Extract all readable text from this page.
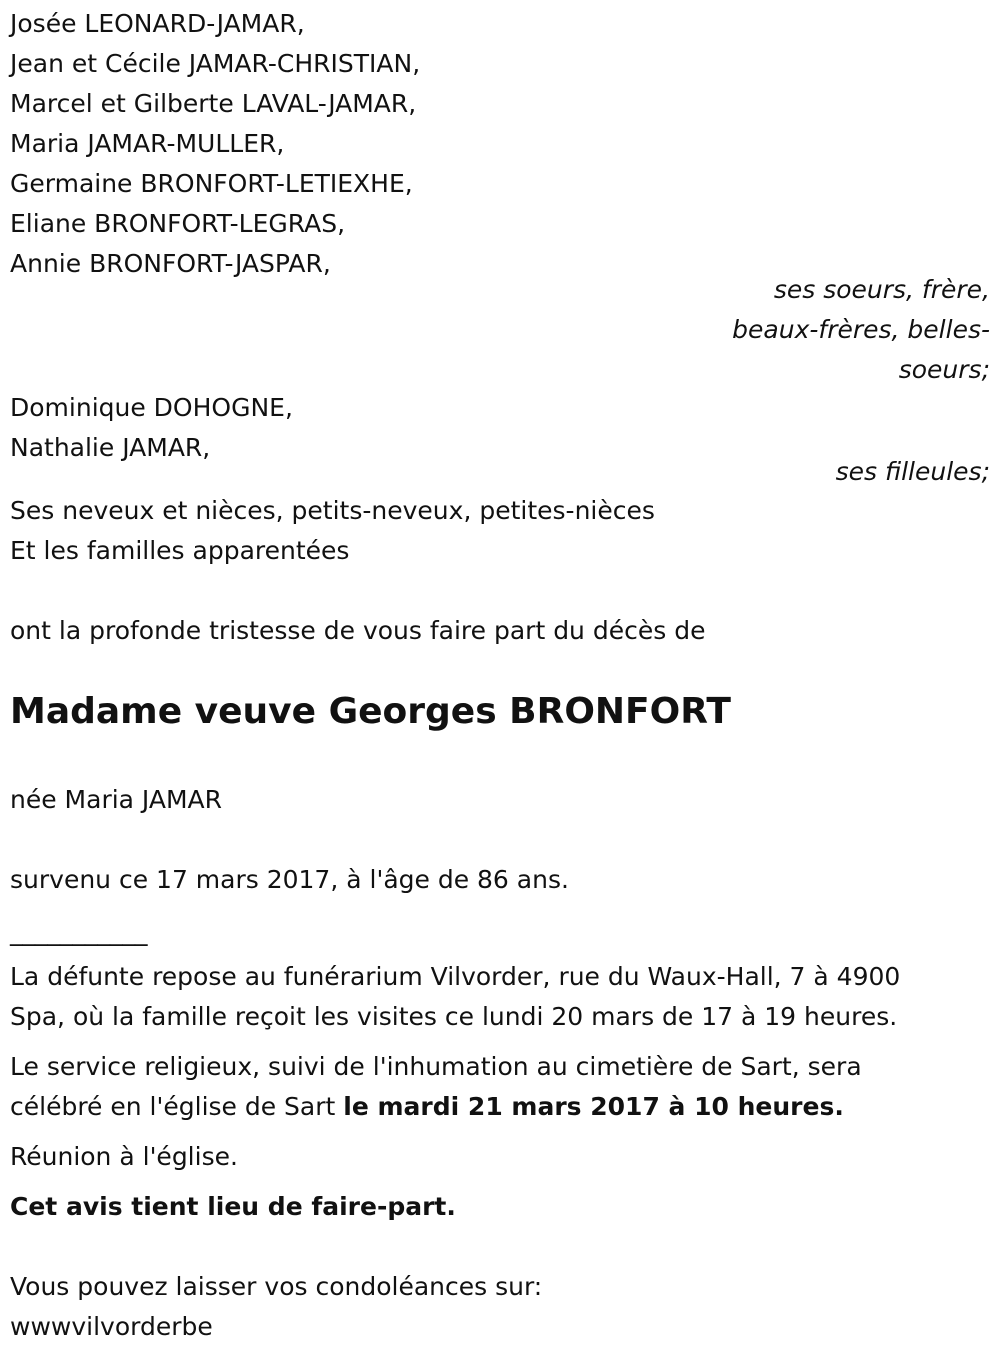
Josée LEONARD-JAMAR,
Jean et Cécile JAMAR-CHRISTIAN,
Marcel et Gilberte LAVAL-JAMAR,
Maria JAMAR-MULLER,
Germaine BRONFORT-LETIEXHE,
Eliane BRONFORT-LEGRAS,
Annie BRONFORT-JASPAR,
ses soeurs, frère,
beaux-frères, belles-
soeurs;
Dominique DOHOGNE,
Nathalie JAMAR,
ses filleules;
Ses neveux et nièces, petits-neveux, petites-nièces
Et les familles apparentées
ont la profonde tristesse de vous faire part du décès de
Madame veuve Georges BRONFORT
née Maria JAMAR
survenu ce 17 mars 2017, à l'âge de 86 ans.
___________
La défunte repose au funérarium Vilvorder, rue du Waux-Hall, 7 à 4900
Spa, où la famille reçoit les visites ce lundi 20 mars de 17 à 19 heures.
Le service religieux, suivi de l'inhumation au cimetière de Sart, sera
célébré en l'église de Sart le mardi 21 mars 2017 à 10 heures.
Réunion à l'église.
Cet avis tient lieu de faire-part.
Vous pouvez laisser vos condoléances sur:
wwwvilvorderbe
